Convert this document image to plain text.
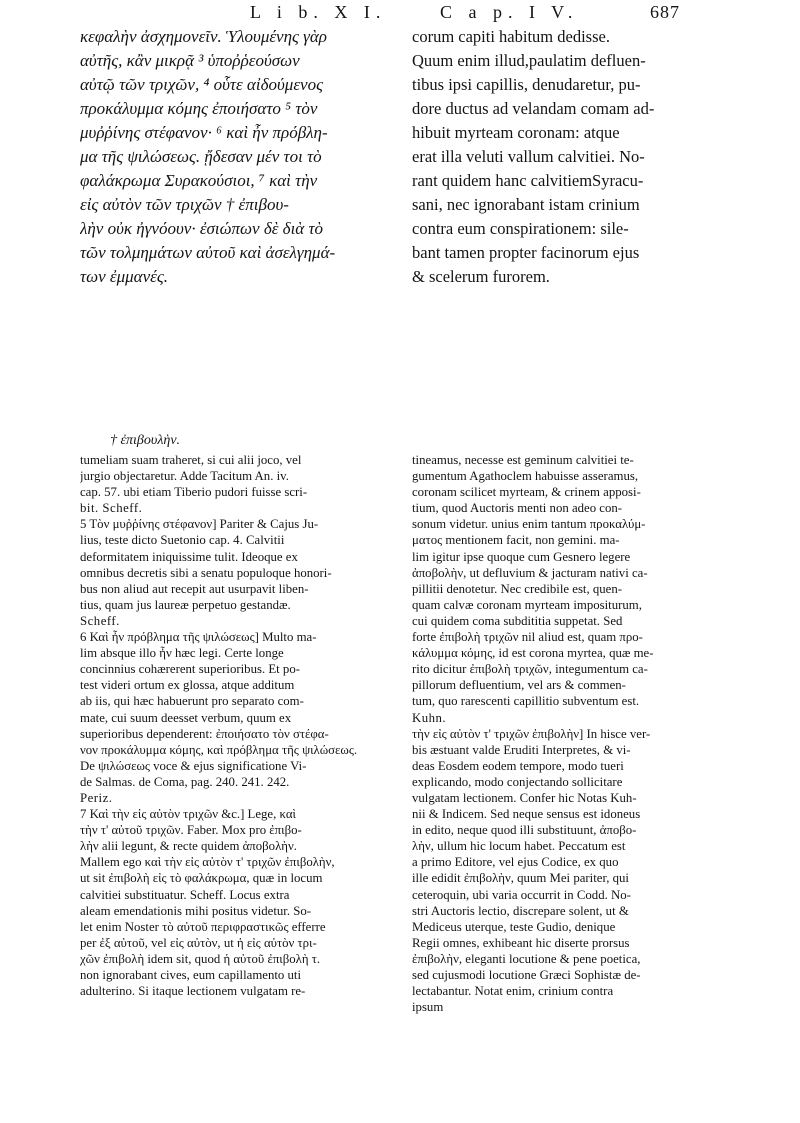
L i b. X I.	C a p. I V.	687
κεφαλὴν ἀσχημονεῖν. Ὑλουμένης γὰρ
αὐτῆς, κἂν μικρᾷ ³ ὑποῤῥεούσων
αὐτῷ τῶν τριχῶν, ⁴ οὗτε αἰδούμενος
προκάλυμμα κόμης ἐποιήσατο ⁵ τὸν
μυῤῥίνης στέφανον· ⁶ καὶ ἦν πρόβλη-
μα τῆς ψιλώσεως. ᾔδεσαν μέν τοι τὸ
φαλάκρωμα Συρακούσιοι, ⁷ καὶ τὴν
εἰς αὐτὸν τῶν τριχῶν † ἐπιβου-
λὴν οὐκ ἠγνόουν· ἐσιώπων δὲ διὰ τὸ
τῶν τολμημάτων αὐτοῦ καὶ ἀσελγημά-
των ἐμμανές.
corum capiti habitum dedisse.
Quum enim illud,paulatim defluen-
tibus ipsi capillis, denudaretur, pu-
dore ductus ad velandam comam ad-
hibuit myrteam coronam: atque
erat illa veluti vallum calvitiei. No-
rant quidem hanc calvitiemSyracu-
sani, nec ignorabant istam crinium
contra eum conspirationem: sile-
bant tamen propter facinorum ejus
& scelerum furorem.
† ἐπιβουλὴν.
tumeliam suam traheret, si cui alii joco, vel
jurgio objectaretur. Adde Tacitum An. iv.
cap. 57. ubi etiam Tiberio pudori fuisse scri-
bit. Scheff.
5 Τὸν μυῤῥίνης στέφανον] Pariter & Cajus Ju-
lius, teste dicto Suetonio cap. 4. Calvitii
deformitatem iniquissime tulit. Ideoque ex
omnibus decretis sibi a senatu populoque honori-
bus non aliud aut recepit aut usurpavit liben-
tius, quam jus laureæ perpetuo gestandæ.
Scheff.
6 Καὶ ἦν πρόβλημα τῆς ψιλώσεως] Multo ma-
lim absque illo ἦν hæc legi. Certe longe
concinnius cohærerent superioribus. Et po-
test videri ortum ex glossa, atque additum
ab iis, qui hæc habuerunt pro separato com-
mate, cui suum deesset verbum, quum ex
superioribus dependerent: ἐποιήσατο τὸν στέφα-
νον προκάλυμμα κόμης, καὶ πρόβλημα τῆς ψιλώσεως.
De ψιλώσεως voce & ejus significatione Vi-
de Salmas. de Coma, pag. 240. 241. 242.
Periz.
7 Καὶ τὴν εἰς αὐτὸν τριχῶν &c.] Lege, καὶ
τὴν τ' αὐτοῦ τριχῶν. Faber. Mox pro ἐπιβο-
λὴν alii legunt, & recte quidem ἀποβολὴν.
Mallem ego καὶ τὴν εἰς αὐτὸν τ' τριχῶν ἐπιβολὴν,
ut sit ἐπιβολὴ εἰς τὸ φαλάκρωμα, quæ in locum
calvitiei substituatur. Scheff. Locus extra
aleam emendationis mihi positus videtur. So-
let enim Noster τὸ αὐτοῦ περιφραστικῶς efferre
per ἐξ αὐτοῦ, vel εἰς αὐτὸν, ut ἡ εἰς αὐτὸν τρι-
χῶν ἐπιβολὴ idem sit, quod ἡ αὐτοῦ ἐπιβολὴ τ.
non ignorabant cives, eum capillamento uti
adulterino. Si itaque lectionem vulgatam re-
tineamus, necesse est geminum calvitiei te-
gumentum Agathoclem habuisse asseramus,
coronam scilicet myrteam, & crinem apposi-
tium, quod Auctoris menti non adeo con-
sonum videtur. unius enim tantum προκαλύμ-
ματος mentionem facit, non gemini. ma-
lim igitur ipse quoque cum Gesnero legere
ἀποβολὴν, ut defluvium & jacturam nativi ca-
pillitii denotetur. Nec credibile est, quen-
quam calvæ coronam myrteam impositurum,
cui quidem coma subdititia suppetat. Sed
forte ἐπιβολὴ τριχῶν nil aliud est, quam προ-
κάλυμμα κόμης, id est corona myrtea, quæ me-
rito dicitur ἐπιβολὴ τριχῶν, integumentum ca-
pillorum defluentium, vel ars & commen-
tum, quo rarescenti capillitio subventum est.
Kuhn.
τὴν εἰς αὐτὸν τ' τριχῶν ἐπιβολὴν] In hisce ver-
bis æstuant valde Eruditi Interpretes, & vi-
deas Eosdem eodem tempore, modo tueri
explicando, modo conjectando sollicitare
vulgatam lectionem. Confer hic Notas Kuh-
nii & Indicem. Sed neque sensus est idoneus
in edito, neque quod illi substituunt, ἀποβο-
λὴν, ullum hic locum habet. Peccatum est
a primo Editore, vel ejus Codice, ex quo
ille edidit ἐπιβολὴν, quum Mei pariter, qui
ceteroquin, ubi varia occurrit in Codd. No-
stri Auctoris lectio, discrepare solent, ut &
Mediceus uterque, teste Gudio, denique
Regii omnes, exhibeant hic diserte prorsus
ἐπιβολὴν, eleganti locutione & pene poetica,
sed cujusmodi locutione Græci Sophistæ de-
lectabantur. Notat enim, crinium contra
ipsum
